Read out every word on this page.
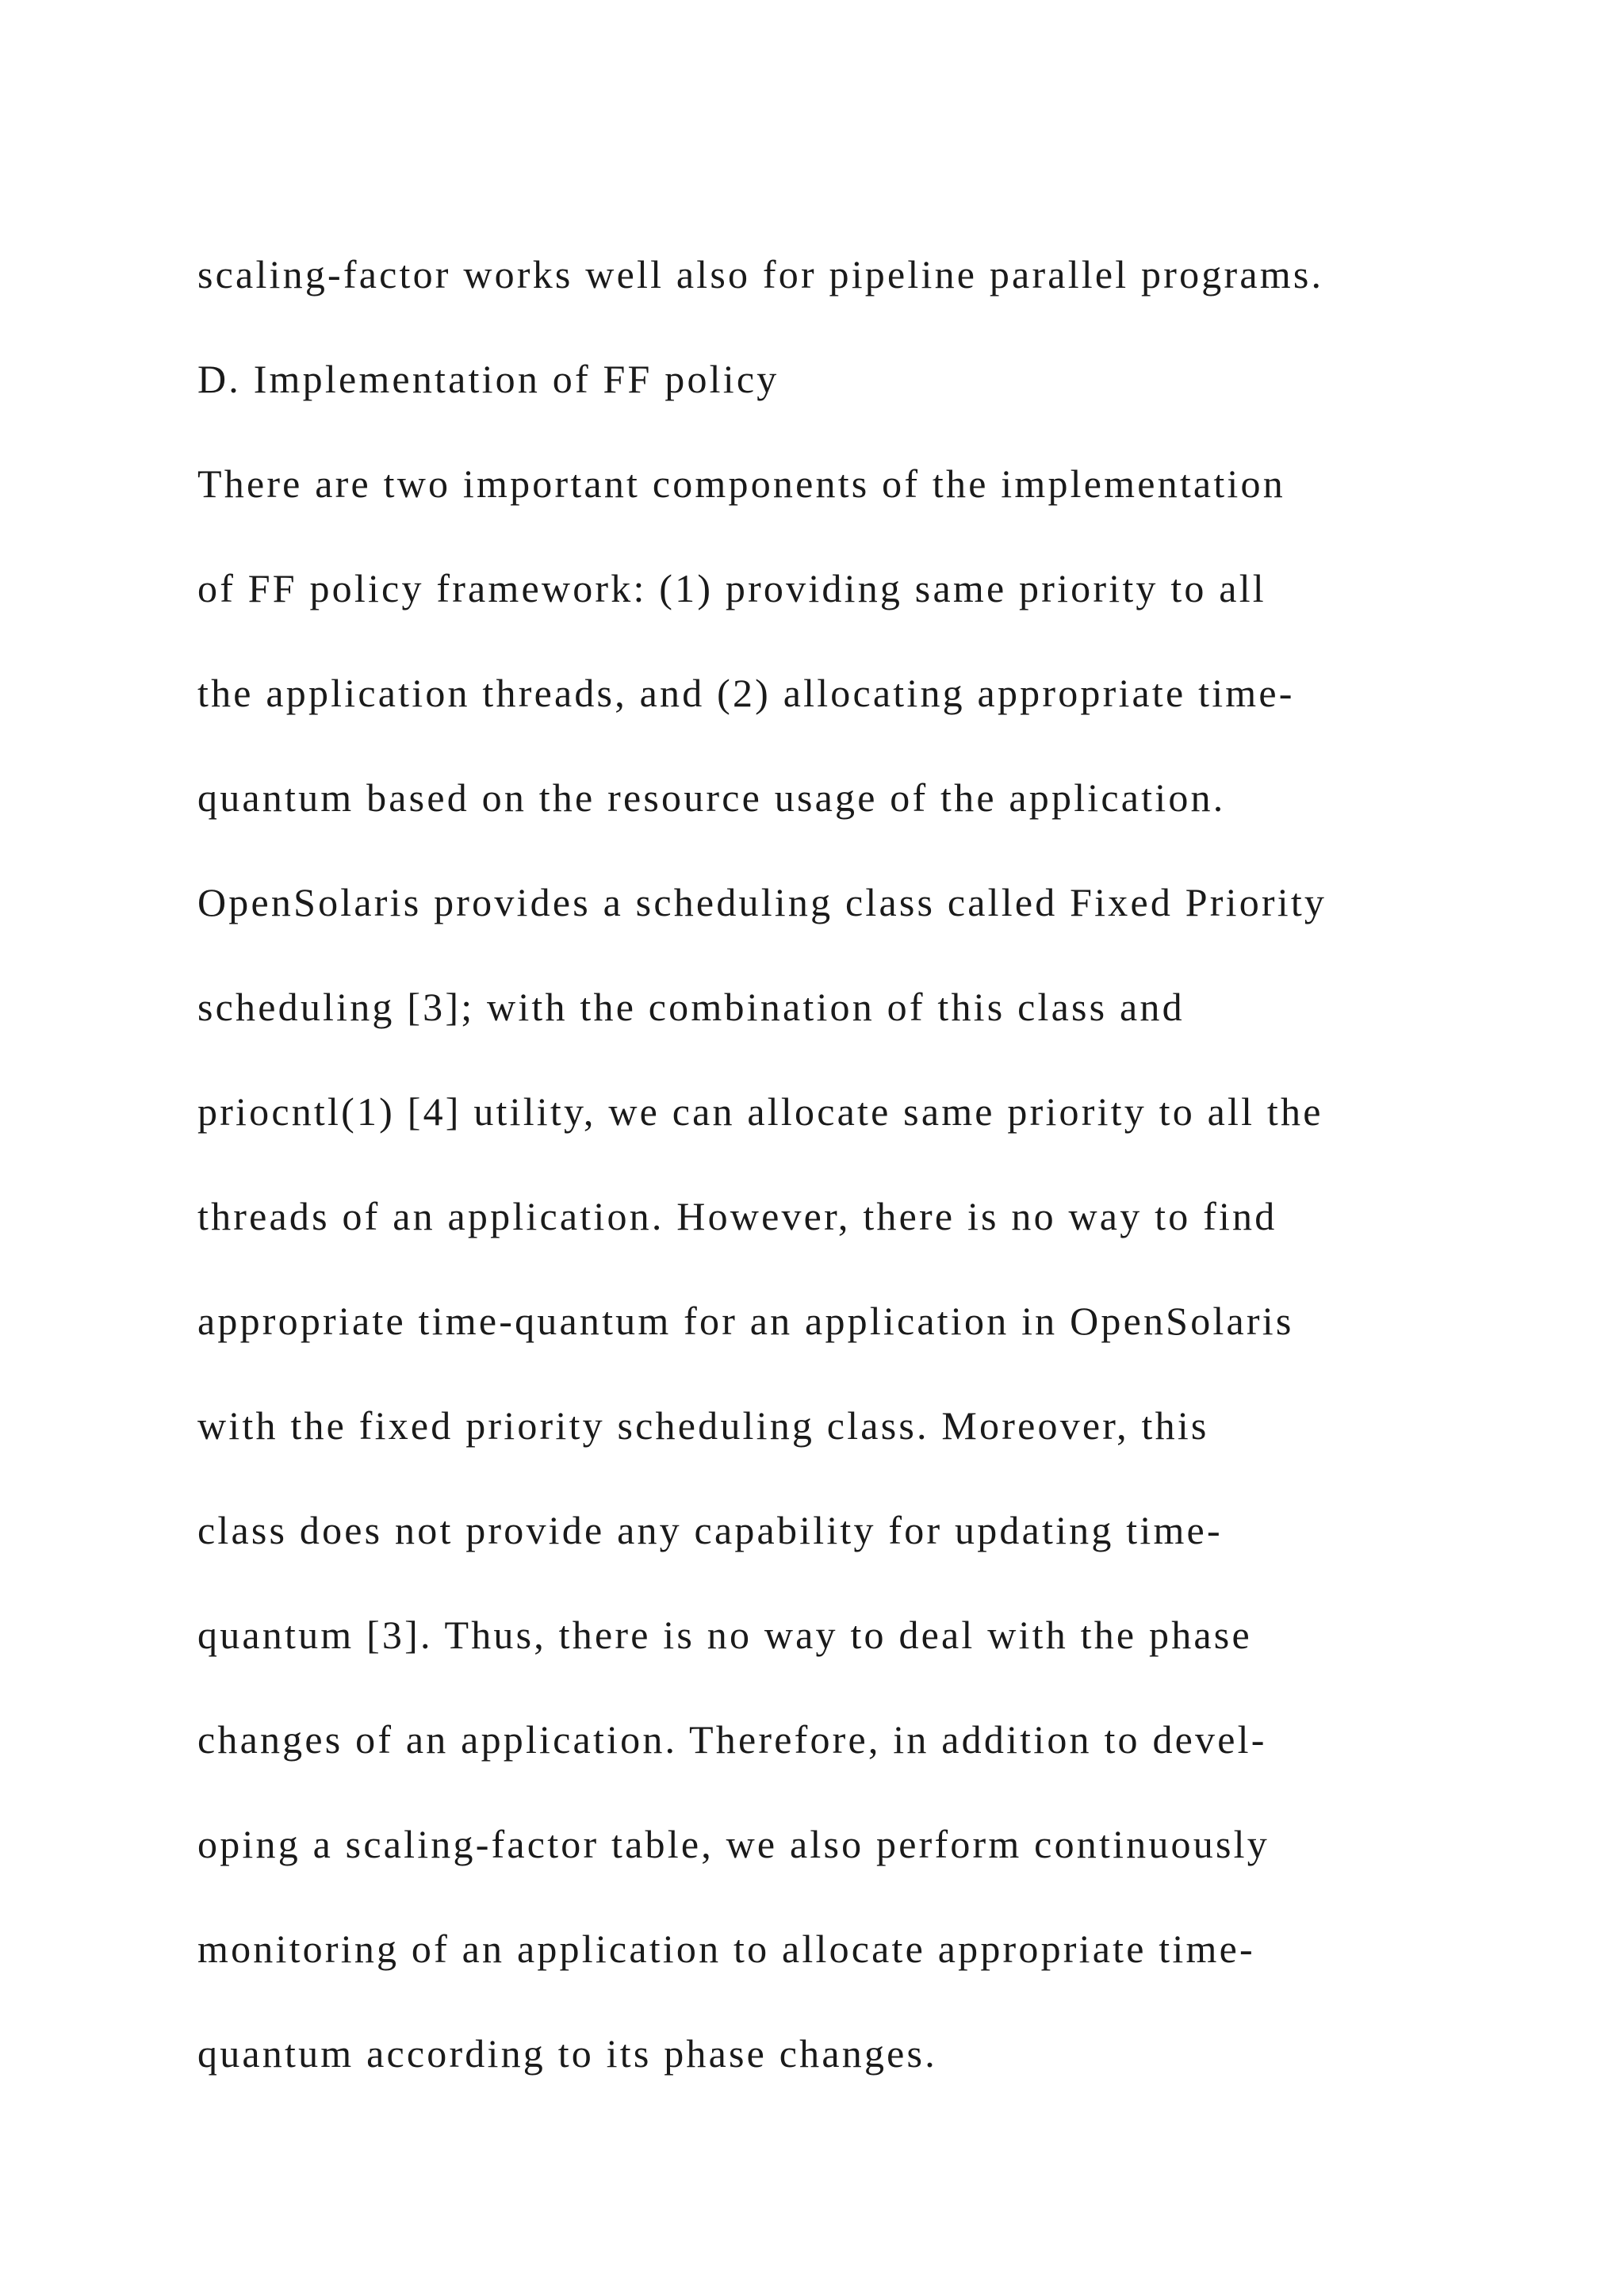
scaling-factor works well also for pipeline parallel programs.
D. Implementation of FF policy
There are two important components of the implementation
of FF policy framework: (1) providing same priority to all
the application threads, and (2) allocating appropriate time-
quantum based on the resource usage of the application.
OpenSolaris provides a scheduling class called Fixed Priority
scheduling [3]; with the combination of this class and
priocntl(1) [4] utility, we can allocate same priority to all the
threads of an application. However, there is no way to find
appropriate time-quantum for an application in OpenSolaris
with the fixed priority scheduling class. Moreover, this
class does not provide any capability for updating time-
quantum [3]. Thus, there is no way to deal with the phase
changes of an application. Therefore, in addition to devel-
oping a scaling-factor table, we also perform continuously
monitoring of an application to allocate appropriate time-
quantum according to its phase changes.
